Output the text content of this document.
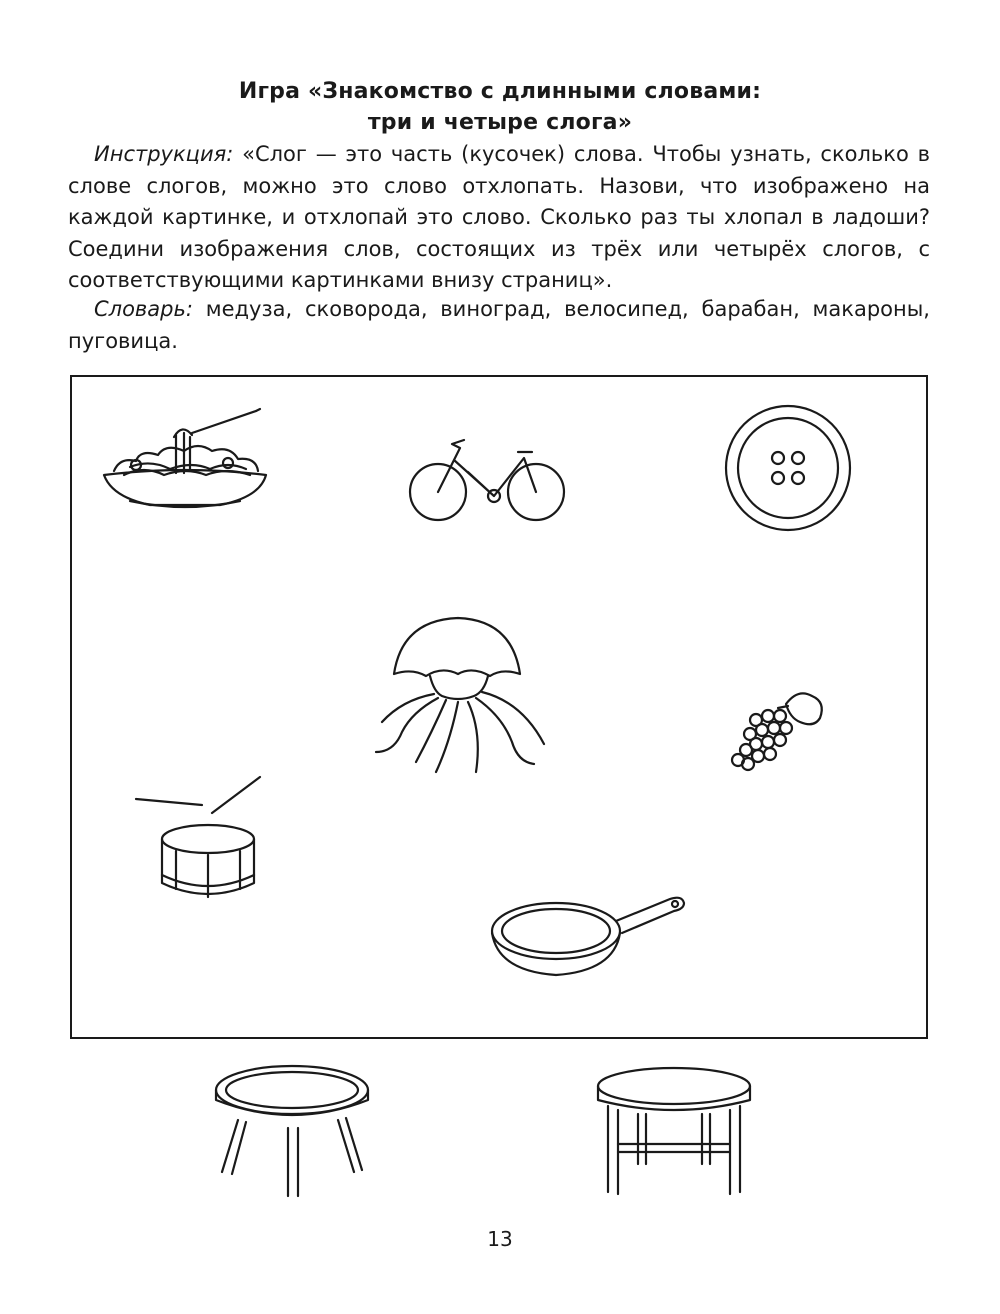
Игра «Знакомство с длинными словами:
три и четыре слога»
Инструкция: «Слог — это часть (кусочек) слова. Чтобы узнать, сколько в слове слогов, можно это слово отхлопать. Назови, что изображено на каждой картинке, и отхлопай это слово. Сколько раз ты хлопал в ладоши? Соедини изображения слов, состоящих из трёх или четырёх слогов, с соответствующими картинками внизу страниц».
Словарь: медуза, сковорода, виноград, велосипед, барабан, макароны, пуговица.
13
